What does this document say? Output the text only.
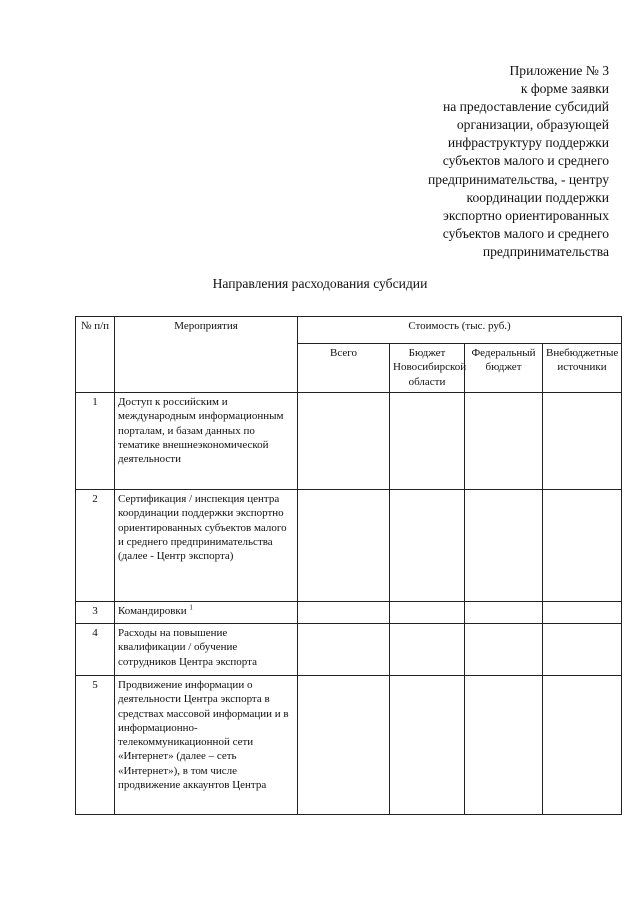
Приложение № 3
к форме заявки
на предоставление субсидий
организации, образующей
инфраструктуру поддержки
субъектов малого и среднего
предпринимательства, - центру
координации поддержки
экспортно ориентированных
субъектов малого и среднего
предпринимательства
Направления расходования субсидии
№ п/п	Мероприятия	Стоимость (тыс. руб.)			
		Всего	Бюджет Новосибирской области	Федеральный бюджет	Внебюджетные источники
1	Доступ к российским и международным информационным порталам, и базам данных по тематике внешнеэкономической деятельности				
2	Сертификация / инспекция центра координации поддержки экспортно ориентированных субъектов малого и среднего предпринимательства (далее - Центр экспорта)				
3	Командировки $^1$				
4	Расходы на повышение квалификации / обучение сотрудников Центра экспорта				
5	Продвижение информации о деятельности Центра экспорта в средствах массовой информации и в информационно-телекоммуникационной сети «Интернет» (далее – сеть «Интернет»), в том числе продвижение аккаунтов Центра				
